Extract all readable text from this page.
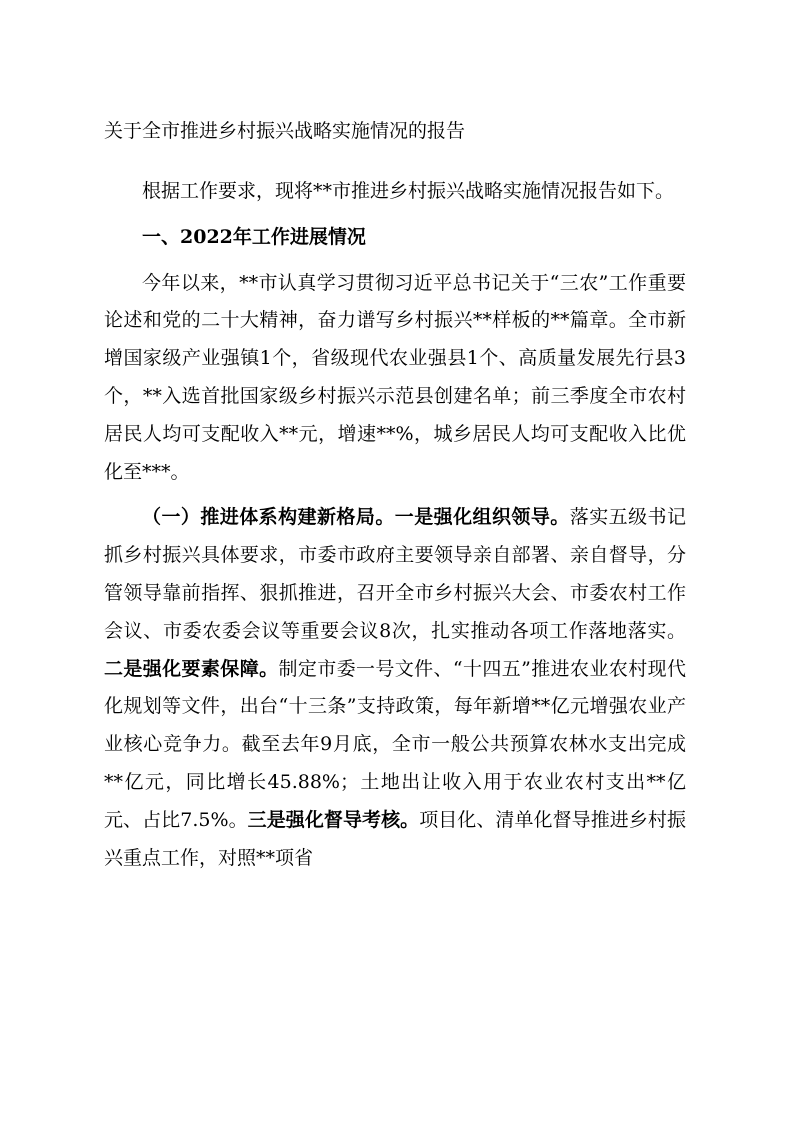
关于全市推进乡村振兴战略实施情况的报告

根据工作要求，现将**市推进乡村振兴战略实施情况报告如下。

一、2022年工作进展情况

今年以来，**市认真学习贯彻习近平总书记关于“三农”工作重要论述和党的二十大精神，奋力谱写乡村振兴**样板的**篇章。全市新增国家级产业强镇1个，省级现代农业强县1个、高质量发展先行县3个，**入选首批国家级乡村振兴示范县创建名单；前三季度全市农村居民人均可支配收入**元，增速**%，城乡居民人均可支配收入比优化至***。

（一）推进体系构建新格局。一是强化组织领导。落实五级书记抓乡村振兴具体要求，市委市政府主要领导亲自部署、亲自督导，分管领导靠前指挥、狠抓推进，召开全市乡村振兴大会、市委农村工作会议、市委农委会议等重要会议8次，扎实推动各项工作落地落实。二是强化要素保障。制定市委一号文件、“十四五”推进农业农村现代化规划等文件，出台“十三条”支持政策，每年新增**亿元增强农业产业核心竞争力。截至去年9月底，全市一般公共预算农林水支出完成**亿元，同比增长45.88%；土地出让收入用于农业农村支出**亿元、占比7.5%。三是强化督导考核。项目化、清单化督导推进乡村振兴重点工作，对照**项省
